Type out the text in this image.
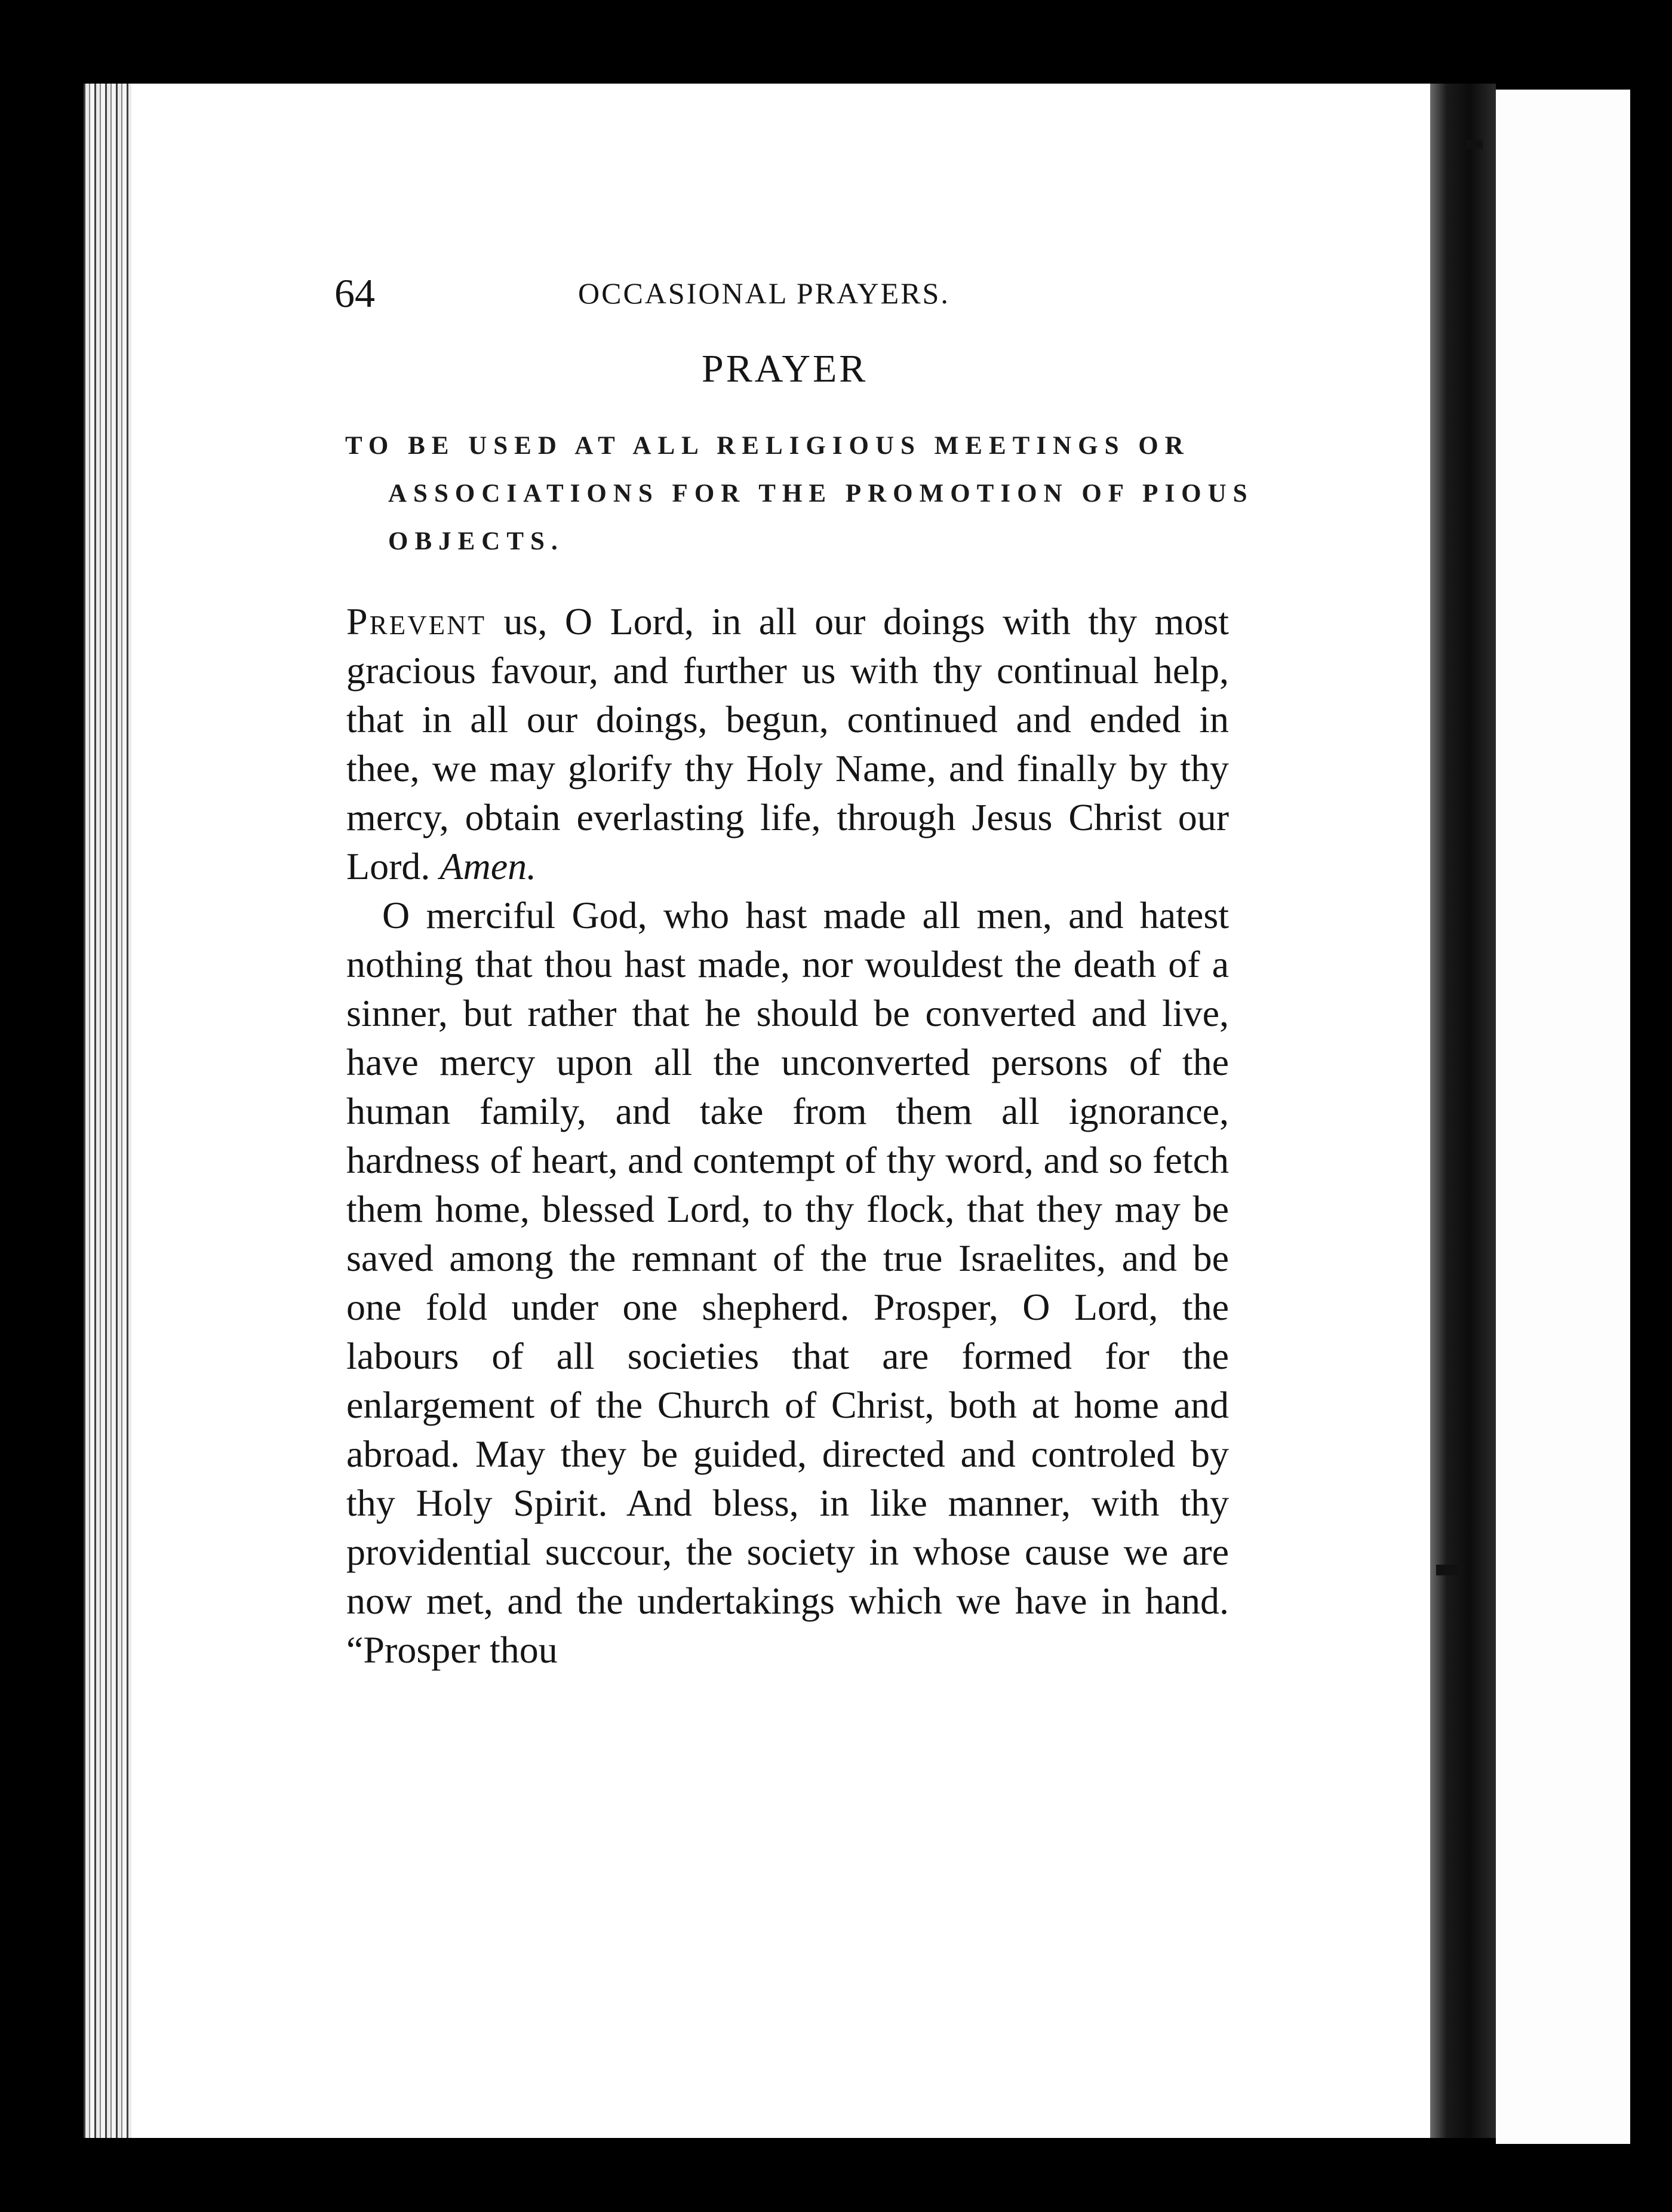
64	OCCASIONAL PRAYERS.
PRAYER
TO BE USED AT ALL RELIGIOUS MEETINGS OR
ASSOCIATIONS FOR THE PROMOTION OF PIOUS
OBJECTS.

Prevent us, O Lord, in all our doings with thy most gracious favour, and further us with thy continual help, that in all our doings, begun, continued and ended in thee, we may glorify thy Holy Name, and finally by thy mercy, obtain everlasting life, through Jesus Christ our Lord. Amen.

O merciful God, who hast made all men, and hatest nothing that thou hast made, nor wouldest the death of a sinner, but rather that he should be converted and live, have mercy upon all the unconverted persons of the human family, and take from them all ignorance, hardness of heart, and contempt of thy word, and so fetch them home, blessed Lord, to thy flock, that they may be saved among the remnant of the true Israelites, and be one fold under one shepherd. Prosper, O Lord, the labours of all societies that are formed for the enlargement of the Church of Christ, both at home and abroad. May they be guided, directed and controled by thy Holy Spirit. And bless, in like manner, with thy providential succour, the society in whose cause we are now met, and the undertakings which we have in hand. “Prosper thou
